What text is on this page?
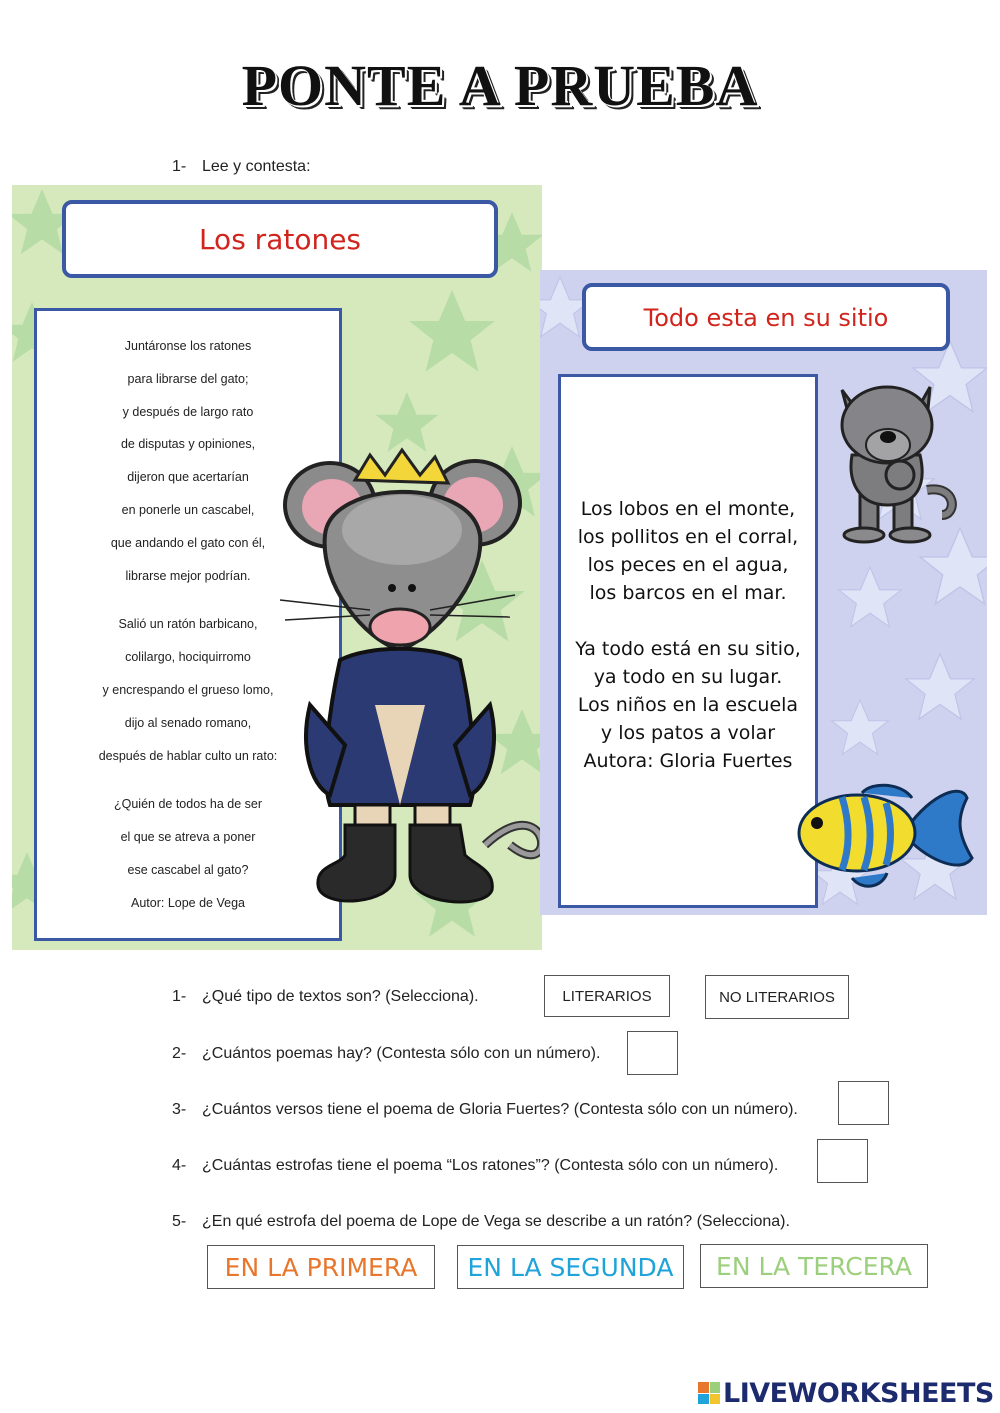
PONTE A PRUEBA
1- Lee y contesta:
Los ratones
Juntáronse los ratones
para librarse del gato;
y después de largo rato
de disputas y opiniones,
dijeron que acertarían
en ponerle un cascabel,
que andando el gato con él,
librarse mejor podrían.
Salió un ratón barbicano,
colilargo, hociquirromo
y encrespando el grueso lomo,
dijo al senado romano,
después de hablar culto un rato:
¿Quién de todos ha de ser
el que se atreva a poner
ese cascabel al gato?
Autor: Lope de Vega
Todo esta en su sitio
Los lobos en el monte,
los pollitos en el corral,
los peces en el agua,
los barcos en el mar.
Ya todo está en su sitio,
ya todo en su lugar.
Los niños en la escuela
y los patos a volar
Autora: Gloria Fuertes
1- ¿Qué tipo de textos son? (Selecciona).	LITERARIOS	NO LITERARIOS
2- ¿Cuántos poemas hay? (Contesta sólo con un número).
3- ¿Cuántos versos tiene el poema de Gloria Fuertes? (Contesta sólo con un número).
4- ¿Cuántas estrofas tiene el poema “Los ratones”? (Contesta sólo con un número).
5- ¿En qué estrofa del poema de Lope de Vega se describe a un ratón? (Selecciona).
EN LA PRIMERA	EN LA SEGUNDA	EN LA TERCERA
LIVEWORKSHEETS
